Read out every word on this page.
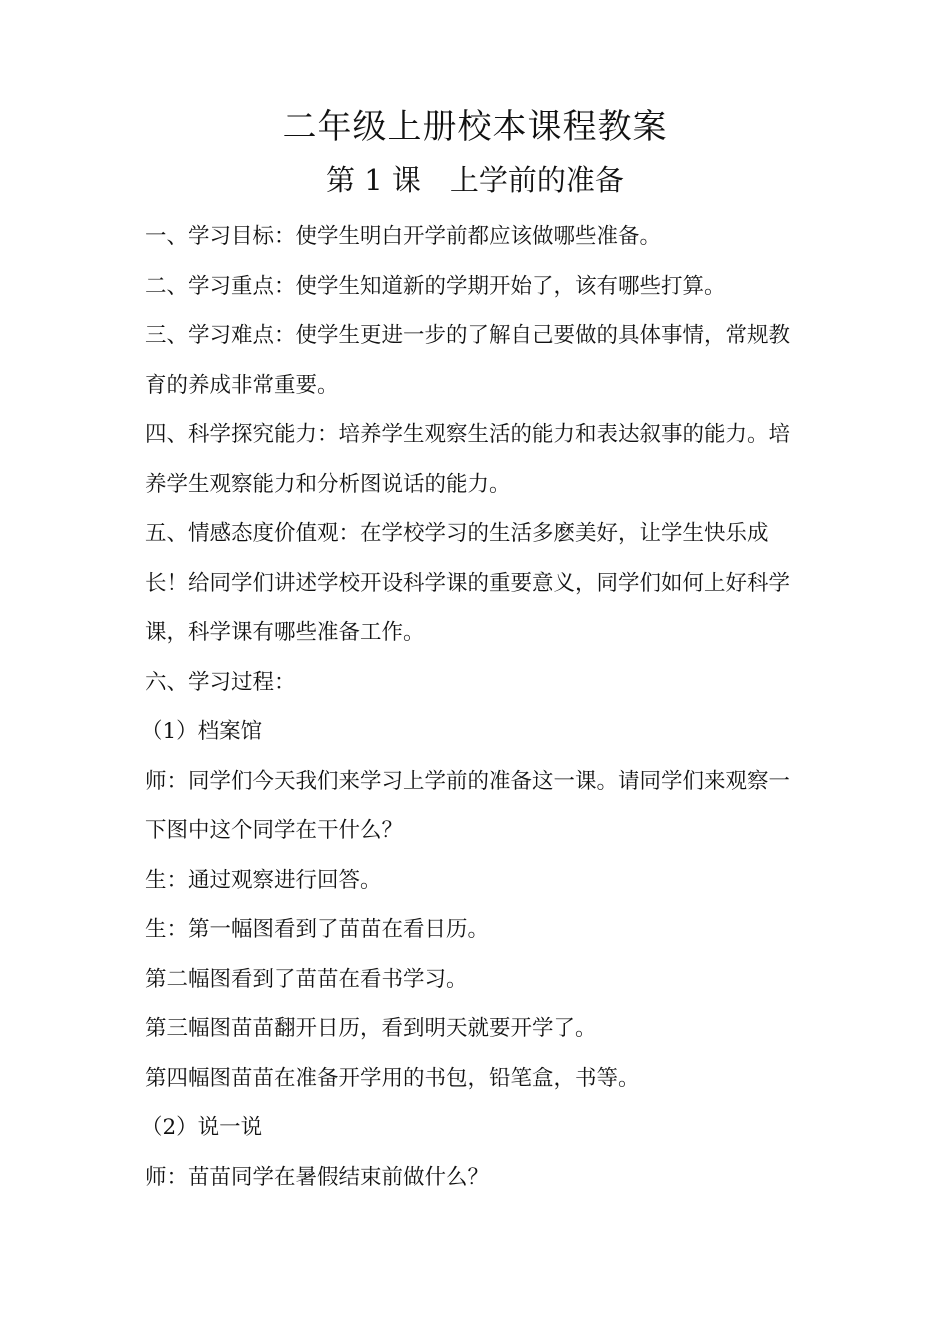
二年级上册校本课程教案
第 1 课　上学前的准备

一、学习目标：使学生明白开学前都应该做哪些准备。

二、学习重点：使学生知道新的学期开始了，该有哪些打算。

三、学习难点：使学生更进一步的了解自己要做的具体事情，常规教育的养成非常重要。

四、科学探究能力：培养学生观察生活的能力和表达叙事的能力。培养学生观察能力和分析图说话的能力。

五、情感态度价值观：在学校学习的生活多麽美好，让学生快乐成长！给同学们讲述学校开设科学课的重要意义，同学们如何上好科学课，科学课有哪些准备工作。

六、学习过程：

（1）档案馆

师：同学们今天我们来学习上学前的准备这一课。请同学们来观察一下图中这个同学在干什么？

生：通过观察进行回答。

生：第一幅图看到了苗苗在看日历。

第二幅图看到了苗苗在看书学习。

第三幅图苗苗翻开日历，看到明天就要开学了。

第四幅图苗苗在准备开学用的书包，铅笔盒，书等。

（2）说一说

师：苗苗同学在暑假结束前做什么？
